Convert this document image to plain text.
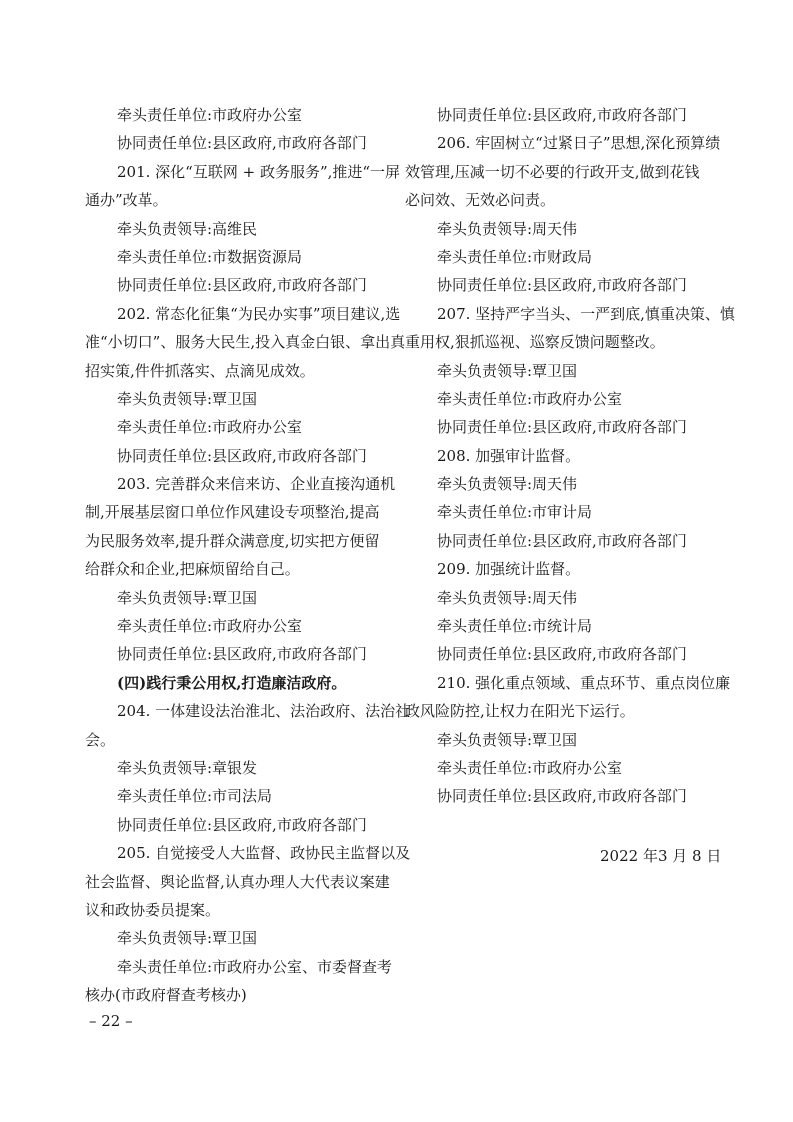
牵头责任单位:市政府办公室
协同责任单位:县区政府,市政府各部门
201. 深化“互联网 + 政务服务”,推进“一屏
通办”改革。
牵头负责领导:高维民
牵头责任单位:市数据资源局
协同责任单位:县区政府,市政府各部门
202. 常态化征集“为民办实事”项目建议,选
准“小切口”、服务大民生,投入真金白银、拿出真
招实策,件件抓落实、点滴见成效。
牵头负责领导:覃卫国
牵头责任单位:市政府办公室
协同责任单位:县区政府,市政府各部门
203. 完善群众来信来访、企业直接沟通机
制,开展基层窗口单位作风建设专项整治,提高
为民服务效率,提升群众满意度,切实把方便留
给群众和企业,把麻烦留给自己。
牵头负责领导:覃卫国
牵头责任单位:市政府办公室
协同责任单位:县区政府,市政府各部门
(四)践行秉公用权,打造廉洁政府。
204. 一体建设法治淮北、法治政府、法治社
会。
牵头负责领导:章银发
牵头责任单位:市司法局
协同责任单位:县区政府,市政府各部门
205. 自觉接受人大监督、政协民主监督以及
社会监督、舆论监督,认真办理人大代表议案建
议和政协委员提案。
牵头负责领导:覃卫国
牵头责任单位:市政府办公室、市委督查考
核办(市政府督查考核办)
协同责任单位:县区政府,市政府各部门
206. 牢固树立“过紧日子”思想,深化预算绩
效管理,压减一切不必要的行政开支,做到花钱
必问效、无效必问责。
牵头负责领导:周天伟
牵头责任单位:市财政局
协同责任单位:县区政府,市政府各部门
207. 坚持严字当头、一严到底,慎重决策、慎
重用权,狠抓巡视、巡察反馈问题整改。
牵头负责领导:覃卫国
牵头责任单位:市政府办公室
协同责任单位:县区政府,市政府各部门
208. 加强审计监督。
牵头负责领导:周天伟
牵头责任单位:市审计局
协同责任单位:县区政府,市政府各部门
209. 加强统计监督。
牵头负责领导:周天伟
牵头责任单位:市统计局
协同责任单位:县区政府,市政府各部门
210. 强化重点领域、重点环节、重点岗位廉
政风险防控,让权力在阳光下运行。
牵头负责领导:覃卫国
牵头责任单位:市政府办公室
协同责任单位:县区政府,市政府各部门
2022 年3 月 8 日
– 22 –
